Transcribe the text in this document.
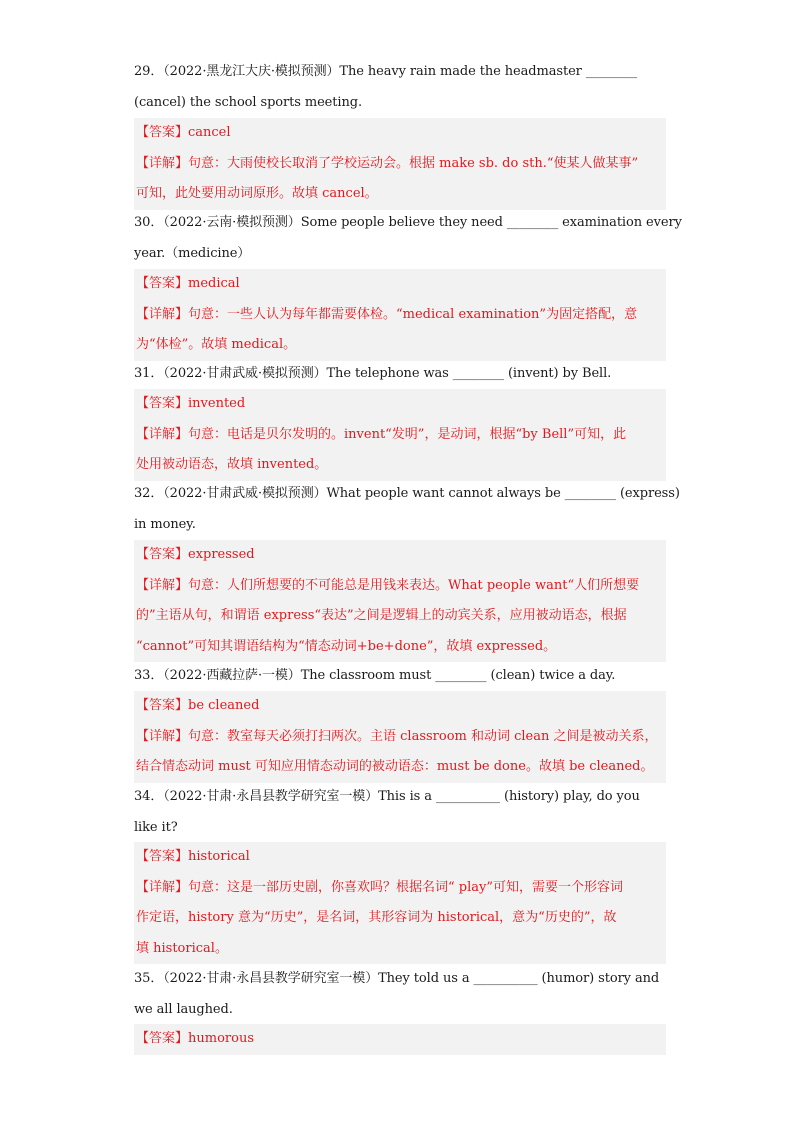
29．（2022·黑龙江大庆·模拟预测）The heavy rain made the headmaster ________

(cancel) the school sports meeting.

【答案】cancel

【详解】句意：大雨使校长取消了学校运动会。根据 make sb. do sth.“使某人做某事”

可知，此处要用动词原形。故填 cancel。

30．（2022·云南·模拟预测）Some people believe they need ________ examination every

year.（medicine）

【答案】medical

【详解】句意：一些人认为每年都需要体检。“medical examination”为固定搭配，意

为“体检”。故填 medical。

31．（2022·甘肃武威·模拟预测）The telephone was ________ (invent) by Bell.

【答案】invented

【详解】句意：电话是贝尔发明的。invent“发明”，是动词，根据“by Bell”可知，此

处用被动语态，故填 invented。

32．（2022·甘肃武威·模拟预测）What people want cannot always be ________ (express)

in money.

【答案】expressed

【详解】句意：人们所想要的不可能总是用钱来表达。What people want“人们所想要

的”主语从句，和谓语 express“表达”之间是逻辑上的动宾关系，应用被动语态，根据

“cannot”可知其谓语结构为“情态动词+be+done”，故填 expressed。

33．（2022·西藏拉萨·一模）The classroom must ________ (clean) twice a day.

【答案】be cleaned

【详解】句意：教室每天必须打扫两次。主语 classroom 和动词 clean 之间是被动关系，

结合情态动词 must 可知应用情态动词的被动语态：must be done。故填 be cleaned。

34．（2022·甘肃·永昌县教学研究室一模）This is a __________ (history) play, do you

like it?

【答案】historical

【详解】句意：这是一部历史剧，你喜欢吗？根据名词“ play”可知，需要一个形容词

作定语，history 意为“历史”，是名词，其形容词为 historical，意为“历史的”，故

填 historical。

35．（2022·甘肃·永昌县教学研究室一模）They told us a __________ (humor) story and

we all laughed.

【答案】humorous
